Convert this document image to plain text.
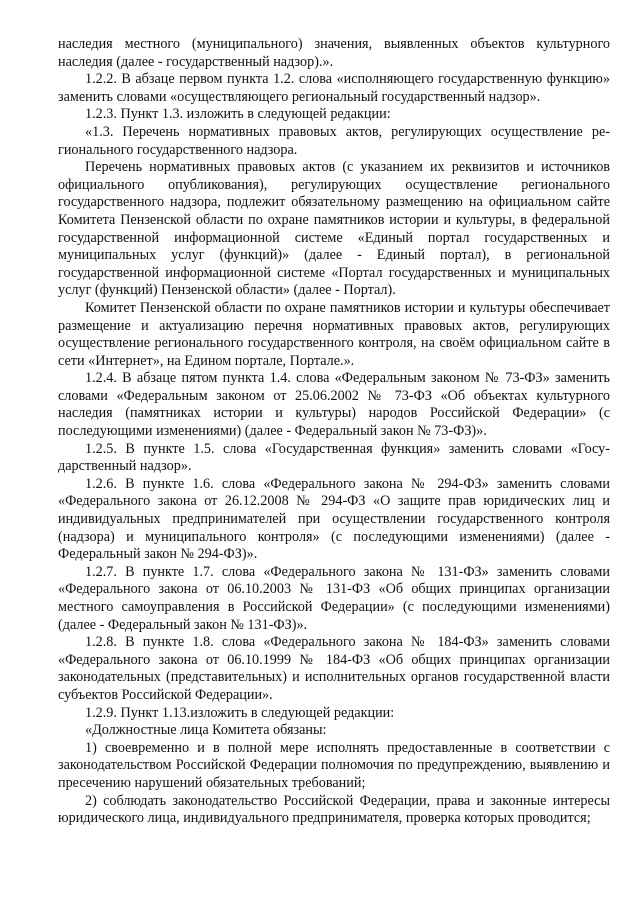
наследия местного (муниципального) значения, выявленных объектов культурного наследия (далее - государственный надзор).».

1.2.2. В абзаце первом пункта 1.2. слова «исполняющего государственную функцию» заменить словами «осуществляющего региональный государственный надзор».

1.2.3. Пункт 1.3. изложить в следующей редакции:

«1.3. Перечень нормативных правовых актов, регулирующих осуществление регионального государственного надзора.

Перечень нормативных правовых актов (с указанием их реквизитов и источников официального опубликования), регулирующих осуществление регионального государственного надзора, подлежит обязательному размещению на официальном сайте Комитета Пензенской области по охране памятников истории и культуры, в федеральной государственной информационной системе «Единый портал государственных и муниципальных услуг (функций)» (далее - Единый портал), в региональной государственной информационной системе «Портал государственных и муниципальных услуг (функций) Пензенской области» (далее - Портал).

Комитет Пензенской области по охране памятников истории и культуры обеспечивает размещение и актуализацию перечня нормативных правовых актов, регулирующих осуществление регионального государственного контроля, на своём официальном сайте в сети «Интернет», на Едином портале, Портале.».

1.2.4. В абзаце пятом пункта 1.4. слова «Федеральным законом № 73-ФЗ» заменить словами «Федеральным законом от 25.06.2002 № 73-ФЗ «Об объектах культурного наследия (памятниках истории и культуры) народов Российской Федерации» (с последующими изменениями) (далее - Федеральный закон № 73-ФЗ)».

1.2.5. В пункте 1.5. слова «Государственная функция» заменить словами «Государственный надзор».

1.2.6. В пункте 1.6. слова «Федерального закона № 294-ФЗ» заменить словами «Федерального закона от 26.12.2008 № 294-ФЗ «О защите прав юридических лиц и индивидуальных предпринимателей при осуществлении государственного контроля (надзора) и муниципального контроля» (с последующими изменениями) (далее - Федеральный закон № 294-ФЗ)».

1.2.7. В пункте 1.7. слова «Федерального закона № 131-ФЗ» заменить словами «Федерального закона от 06.10.2003 № 131-ФЗ «Об общих принципах организации местного самоуправления в Российской Федерации» (с последующими изменениями) (далее - Федеральный закон № 131-ФЗ)».

1.2.8. В пункте 1.8. слова «Федерального закона № 184-ФЗ» заменить словами «Федерального закона от 06.10.1999 № 184-ФЗ «Об общих принципах организации законодательных (представительных) и исполнительных органов государственной власти субъектов Российской Федерации».

1.2.9. Пункт 1.13.изложить в следующей редакции:

«Должностные лица Комитета обязаны:

1) своевременно и в полной мере исполнять предоставленные в соответствии с законодательством Российской Федерации полномочия по предупреждению, выявлению и пресечению нарушений обязательных требований;

2) соблюдать законодательство Российской Федерации, права и законные интересы юридического лица, индивидуального предпринимателя, проверка которых проводится;
